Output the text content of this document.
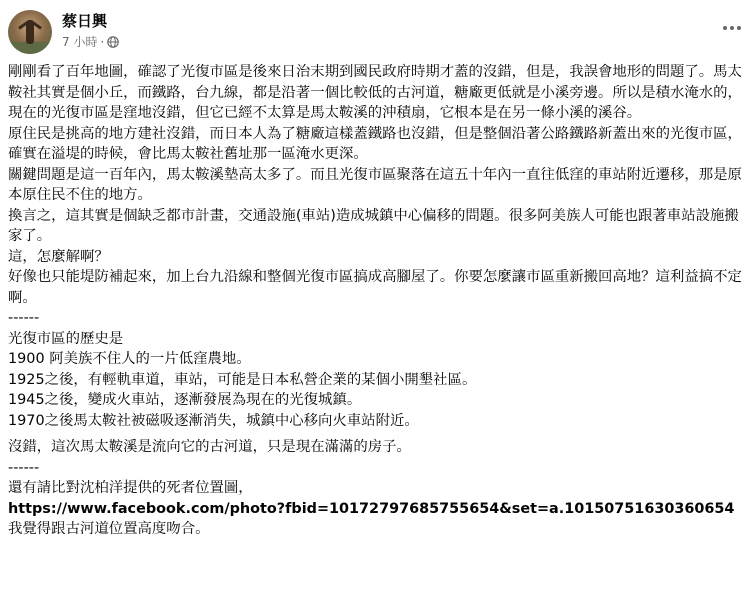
蔡日興
7 小時 ·

剛剛看了百年地圖，確認了光復市區是後來日治末期到國民政府時期才蓋的沒錯，但是，我誤會地形的問題了。馬太鞍社其實是個小丘，而鐵路，台九線，都是沿著一個比較低的古河道，糖廠更低就是小溪旁邊。所以是積水淹水的，現在的光復市區是窪地沒錯，但它已經不太算是馬太鞍溪的沖積扇，它根本是在另一條小溪的溪谷。

原住民是挑高的地方建社沒錯，而日本人為了糖廠這樣蓋鐵路也沒錯，但是整個沿著公路鐵路新蓋出來的光復市區，確實在溢堤的時候，會比馬太鞍社舊址那一區淹水更深。

關鍵問題是這一百年內，馬太鞍溪墊高太多了。而且光復市區聚落在這五十年內一直往低窪的車站附近遷移，那是原本原住民不住的地方。

換言之，這其實是個缺乏都市計畫，交通設施(車站)造成城鎮中心偏移的問題。很多阿美族人可能也跟著車站設施搬家了。

這，怎麼解啊？

好像也只能堤防補起來，加上台九沿線和整個光復市區搞成高腳屋了。你要怎麼讓市區重新搬回高地？這利益搞不定啊。

------

光復市區的歷史是

1900 阿美族不住人的一片低窪農地。

1925之後，有輕軌車道，車站，可能是日本私營企業的某個小開墾社區。

1945之後，變成火車站，逐漸發展為現在的光復城鎮。

1970之後馬太鞍社被磁吸逐漸消失，城鎮中心移向火車站附近。

沒錯，這次馬太鞍溪是流向它的古河道，只是現在滿滿的房子。

------

還有請比對沈柏洋提供的死者位置圖，

https://www.facebook.com/photo?fbid=10172797685755654&set=a.10150751630360654

我覺得跟古河道位置高度吻合。
